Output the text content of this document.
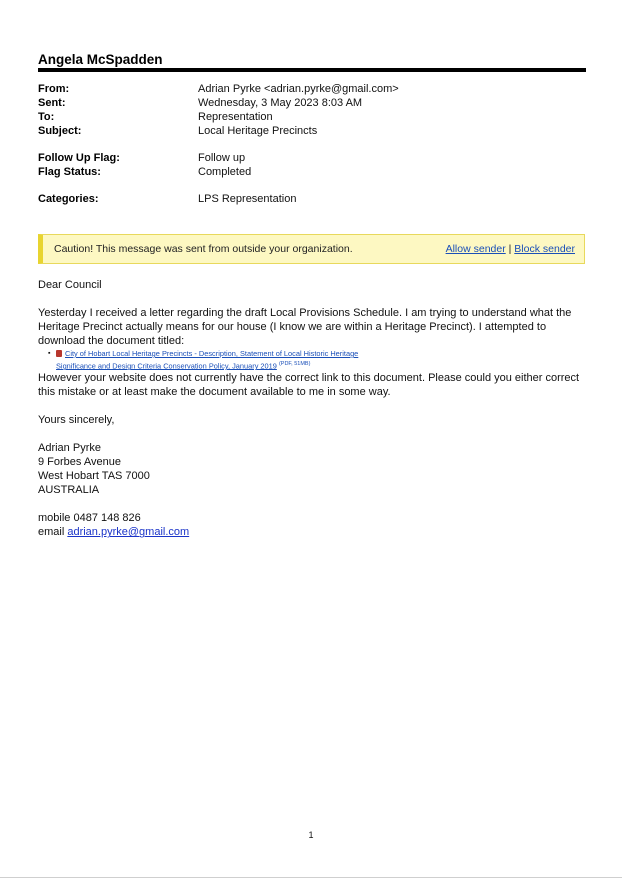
Angela McSpadden
From:	Adrian Pyrke <adrian.pyrke@gmail.com>
Sent:	Wednesday, 3 May 2023 8:03 AM
To:	Representation
Subject:	Local Heritage Precincts
Follow Up Flag:	Follow up
Flag Status:	Completed
Categories:	LPS Representation
Caution! This message was sent from outside your organization.	Allow sender | Block sender

Dear Council

Yesterday I received a letter regarding the draft Local Provisions Schedule. I am trying to understand what the Heritage Precinct actually means for our house (I know we are within a Heritage Precinct). I attempted to download the document titled:

▪	City of Hobart Local Heritage Precincts - Description, Statement of Local Historic Heritage
Significance and Design Criteria Conservation Policy, January 2019 $^{(PDF, 51MB)}$

However your website does not currently have the correct link to this document. Please could you either correct this mistake or at least make the document available to me in some way.

Yours sincerely,

Adrian Pyrke

9 Forbes Avenue

West Hobart TAS 7000

AUSTRALIA

mobile 0487 148 826

email adrian.pyrke@gmail.com

1
